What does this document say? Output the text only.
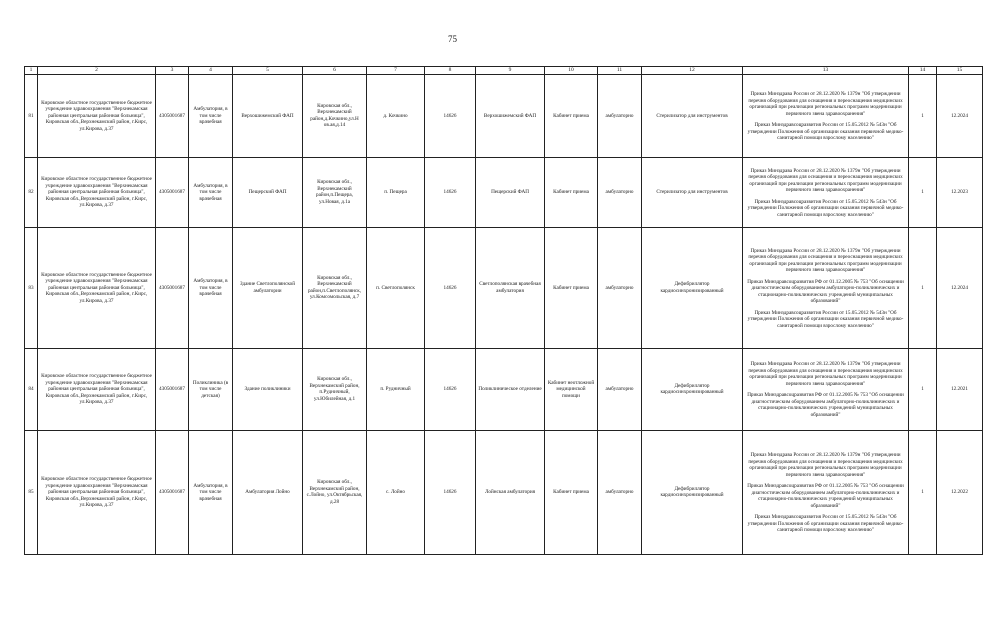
75
1	2	3	4	5	6	7	8	9	10	11	12	13	14	15
81	Кировское областное государственное бюджетное учреждение здравоохранения "Верхнекамская районная центральная районная больница", Кировская обл.,Верхнекамский район, г.Кирс, ул.Кирова, д.37	4305001687	Амбулатория, в том числе врачебная	Верхошижемский ФАП	Кировская обл., Верхнекамский район,д.Кочкино,ул.Н ов.ая,д.14	д. Кочкино	14626	Верхошижемский ФАП	Кабинет приема	амбулаторно	Стерилизатор для инструментов	Приказ Минздрава России от 28.12.2020 № 1379н "Об утверждении перечня оборудования для оснащения и переоснащения медицинских организаций при реализации региональных программ модернизации первичного звена здравоохранения"
Приказ Минздравсоцразвития России от 15.05.2012 № 543н "Об утверждении Положения об организации оказания первичной медико-санитарной помощи взрослому населению"	1	12.2024
82	Кировское областное государственное бюджетное учреждение здравоохранения "Верхнекамская районная центральная районная больница", Кировская обл.,Верхнекамский район, г.Кирс, ул.Кирова, д.37	4305001687	Амбулатория, в том числе врачебная	Пещерский ФАП	Кировская обл., Верхнекамский район,п.Пещера, ул.Новая, д.1а	п. Пещера	14626	Пещерский ФАП	Кабинет приема	амбулаторно	Стерилизатор для инструментов	Приказ Минздрава России от 28.12.2020 № 1379н "Об утверждении перечня оборудования для оснащения и переоснащения медицинских организаций при реализации региональных программ модернизации первичного звена здравоохранения"
Приказ Минздравсоцразвития России от 15.05.2012 № 543н "Об утверждении Положения об организации оказания первичной медико-санитарной помощи взрослому населению"	1	12.2023
83	Кировское областное государственное бюджетное учреждение здравоохранения "Верхнекамская районная центральная районная больница", Кировская обл.,Верхнекамский район, г.Кирс, ул.Кирова, д.37	4305001687	Амбулатория, в том числе врачебная	Здание Светлополянской амбулатории	Кировская обл., Верхнекамский район,п.Светлополянск, ул.Комсомольская, д.7	п. Светлополянск	14626	Светлополянская врачебная амбулатория	Кабинет приема	амбулаторно	Дефибриллятор кардиосинхронизированный	Приказ Минздрава России от 28.12.2020 № 1379н "Об утверждении перечня оборудования для оснащения и переоснащения медицинских организаций при реализации региональных программ модернизации первичного звена здравоохранения"
Приказ Минздравсоцразвития РФ от 01.12.2005 № 753 "Об оснащении диагностическим оборудованием амбулаторно-поликлинических и стационарно-поликлинических учреждений муниципальных образований"
Приказ Минздравсоцразвития России от 15.05.2012 № 543н "Об утверждении Положения об организации оказания первичной медико-санитарной помощи взрослому населению"	1	12.2024
84	Кировское областное государственное бюджетное учреждение здравоохранения "Верхнекамская районная центральная районная больница", Кировская обл.,Верхнекамский район, г.Кирс, ул.Кирова, д.37	4305001687	Поликлиника (в том числе детская)	Здание поликлиники	Кировская обл., Верхнекамский район, п.Рудничный, ул.Юбилейная, д.1	п. Рудничный	14626	Поликлиническое отделение	Кабинет неотложной медицинской помощи	амбулаторно	Дефибриллятор кардиосинхронизированный	Приказ Минздрава России от 28.12.2020 № 1379н "Об утверждении перечня оборудования для оснащения и переоснащения медицинских организаций при реализации региональных программ модернизации первичного звена здравоохранения"
Приказ Минздравсоцразвития РФ от 01.12.2005 № 753 "Об оснащении диагностическим оборудованием амбулаторно-поликлинических и стационарно-поликлинических учреждений муниципальных образований"	1	12.2021
85	Кировское областное государственное бюджетное учреждение здравоохранения "Верхнекамская районная центральная районная больница", Кировская обл.,Верхнекамский район, г.Кирс, ул.Кирова, д.37	4305001687	Амбулатория, в том числе врачебная	Амбулатория Лойно	Кировская обл., Верхнекамский район, с.Лойно, ул.Октябрьская, д.28	с. Лойно	14626	Лойнская амбулатория	Кабинет приема	амбулаторно	Дефибриллятор кардиосинхронизированный	Приказ Минздрава России от 28.12.2020 № 1379н "Об утверждении перечня оборудования для оснащения и переоснащения медицинских организаций при реализации региональных программ модернизации первичного звена здравоохранения"
Приказ Минздравсоцразвития РФ от 01.12.2005 № 753 "Об оснащении диагностическим оборудованием амбулаторно-поликлинических и стационарно-поликлинических учреждений муниципальных образований"
Приказ Минздравсоцразвития России от 15.05.2012 № 543н "Об утверждении Положения об организации оказания первичной медико-санитарной помощи взрослому населению"	1	12.2022
